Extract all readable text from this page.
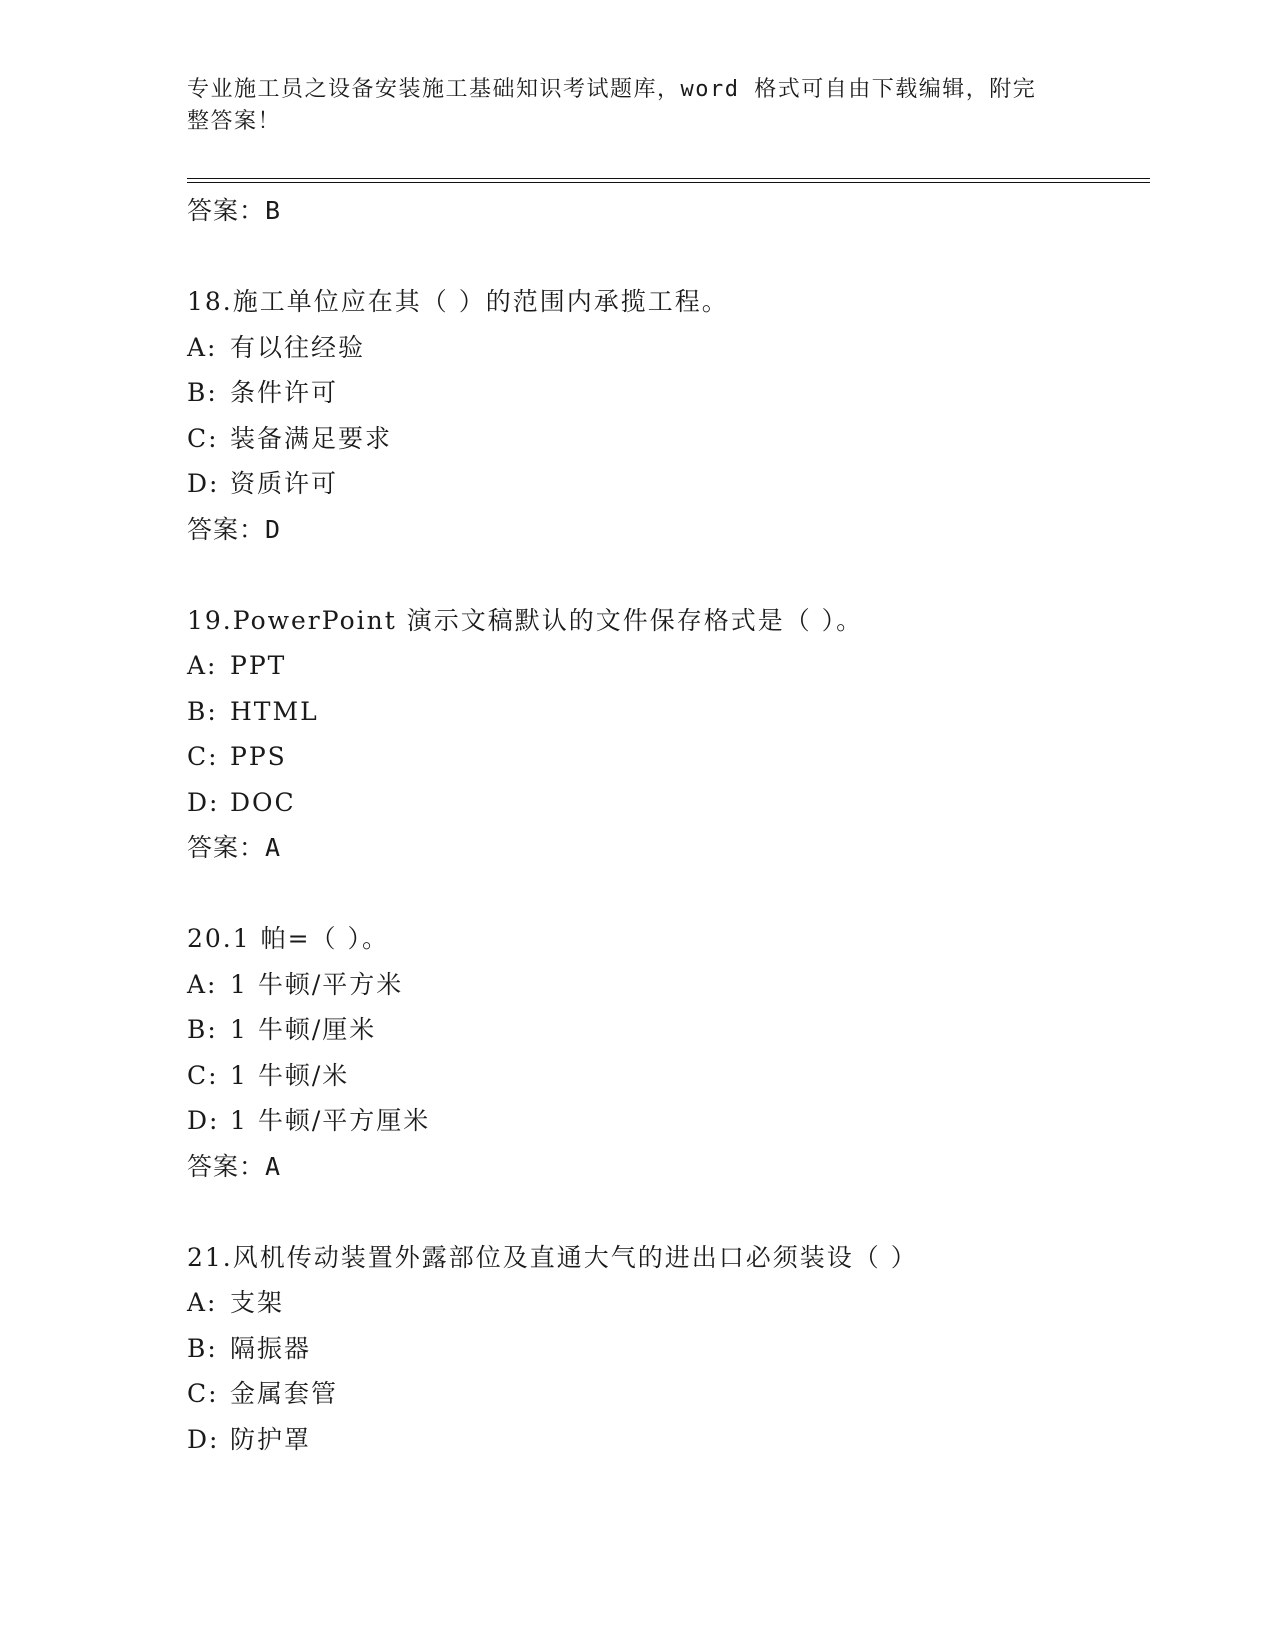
专业施工员之设备安装施工基础知识考试题库，word 格式可自由下载编辑，附完
整答案！
答案：B
18.施工单位应在其（ ）的范围内承揽工程。
A: 有以往经验
B: 条件许可
C: 装备满足要求
D: 资质许可
答案：D
19.PowerPoint 演示文稿默认的文件保存格式是（ ）。
A: PPT
B: HTML
C: PPS
D: DOC
答案：A
20.1 帕=（ ）。
A: 1 牛顿/平方米
B: 1 牛顿/厘米
C: 1 牛顿/米
D: 1 牛顿/平方厘米
答案：A
21.风机传动装置外露部位及直通大气的进出口必须装设（ ）
A: 支架
B: 隔振器
C: 金属套管
D: 防护罩
